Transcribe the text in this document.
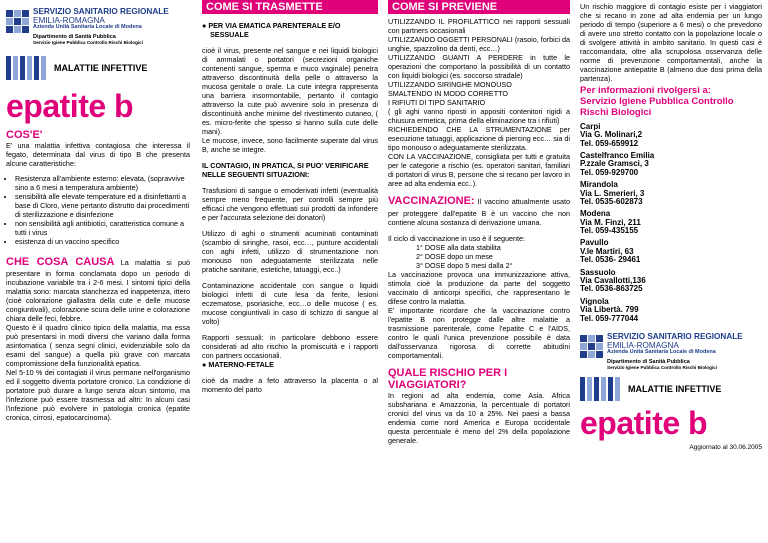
SERVIZIO SANITARIO REGIONALE
EMILIA-ROMAGNA
Azienda Unità Sanitaria Locale di Modena
Dipartimento di Sanità Pubblica
Servizio Igiene Pubblica Controllo Rischi Biologici
MALATTIE INFETTIVE
epatite b
COS'E'

E' una malattia infettiva contagiosa che interessa il fegato, determinata dal virus di tipo B che presenta alcune caratteristiche:

• Resistenza all'ambiente esterno: elevata, (sopravvive sino a 6 mesi a temperatura ambiente)
• sensibilità alle elevate temperature ed a disinfettanti a base di Cloro, viene pertanto distrutto dai procedimenti di sterilizzazione e disinfezione
• non sensibilità agli antibiotici, caratteristica comune a tutti i virus
• esistenza di un vaccino specifico

CHE COSA CAUSA La malattia si può presentare in forma conclamata dopo un periodo di incubazione variabile tra i 2-6 mesi. I sintomi tipici della malattia sono: marcata stanchezza ed inappetenza, ittero (cioè colorazione giallastra della cute e delle mucose congiuntivali), colorazione scura delle urine e colorazione chiara delle feci, febbre.

Questo è il quadro clinico tipico della malattia, ma essa può presentarsi in modi diversi che variano dalla forma asintomatica ( senza segni clinici, evidenziabile solo da esami del sangue) a quella più grave con marcata compromissione della funzionalità epatica.

Nel 5-10 % dei contagiati il virus permane nell'organismo ed il soggetto diventa portatore cronico. La condizione di portatore può durare a lungo senza alcun sintomo, ma l'infezione può essere trasmessa ad altri: In alcuni casi l'infezione può evolvere in patologia cronica (epatite cronica, cirrosi, epatocarcinoma).

COME SI TRASMETTE
● PER VIA EMATICA PARENTERALE E/O SESSUALE

cioè il virus, presente nel sangue e nei liquidi biologici di ammalati o portatori (secrezioni organiche contenenti sangue, sperma e muco vaginale) penetra attraverso discontinuità della pelle o attraverso la mucosa genitale o orale. La cute integra rappresenta una barriera insormontabile, pertanto il contagio attraverso la cute può avvenire solo in presenza di discontinuità anche minime del rivestimento cutaneo, ( es. micro-ferite che spesso si hanno sulla cute delle mani).

Le mucose, invece, sono facilmente superate dal virus B, anche se integre.

IL CONTAGIO, IN PRATICA, SI PUO' VERIFICARE NELLE SEGUENTI SITUAZIONI:

Trasfusioni di sangue o emoderivati infetti (eventualità sempre meno frequente, per controlli sempre più efficaci che vengono effettuati sui prodotti da infondere e per l'accurata selezione dei donatori)

Utilizzo di aghi o strumenti acuminati contaminati (scambio di siringhe, rasoi, ecc…, punture accidentali con aghi infetti, utilizzo di strumentazione non monouso non adeguatamente sterilizzata nelle pratiche sanitarie, estetiche, tatuaggi, ecc..)

Contaminazione accidentale con sangue o liquidi biologici infetti di cute lesa da ferite, lesioni eczematose, psoriasiche, ecc…o delle mucose ( es. mucose congiuntivali in caso di schizzo di sangue al volto)

Rapporti sessuali: in particolare debbono essere considerati ad alto rischio la promiscuità e i rapporti con partners occasionali.

● MATERNO-FETALE

cioè da madre a feto attraverso la placenta o al momento del parto

COME SI PREVIENE

UTILIZZANDO IL PROFILATTICO nei rapporti sessuali con partners occasionali

UTILIZZANDO OGGETTI PERSONALI (rasoio, forbici da unghie, spazzolino da denti, ecc…)

UTILIZZANDO GUANTI A PERDERE in tutte le operazioni che comportano la possibilità di un contatto con liquidi biologici (es. soccorso stradale)

UTILIZZANDO SIRINGHE MONOUSO

SMALTENDO IN MODO CORRETTO

I RIFIUTI DI TIPO SANITARIO

( gli aghi vanno riposti in appositi contenitori rigidi a chiusura ermetica, prima della eliminazione tra i rifiuti)

RICHIEDENDO CHE LA STRUMENTAZIONE per esecuzione tatuaggi, applicazione di piercing ecc… sia di tipo monouso o adeguatamente sterilizzata.

CON LA VACCINAZIONE, consigliata per tutti e gratuita per le categorie a rischio (es. operatori sanitari, familiari di portatori di virus B, persone che si recano per lavoro in aree ad alta endemia ecc..).

VACCINAZIONE: Il vaccino attualmente usato per proteggere dall'epatite B è un vaccino che non contiene alcuna sostanza di derivazione umana.

Il ciclo di vaccinazione in uso è il seguente:

1° DOSE alla data stabilita

2° DOSE dopo un mese

3° DOSE dopo 5 mesi dalla 2°

La vaccinazione provoca una immunizzazione attiva, stimola cioè la produzione da parte del soggetto vaccinato di anticorpi specifici, che rappresentano le difese contro la malattia.

E' importante ricordare che la vaccinazione contro l'epatite B non protegge dalle altre malattie a trasmissione parenterale, come l'epatite C e l'AIDS, contro le quali l'unica prevenzione possibile è data dall'osservanza rigorosa di corrette abitudini comportamentali.

QUALE RISCHIO PER I VIAGGIATORI?

In regioni ad alta endemia, come Asia. Africa subshariana e Amazzonia, la percentuale di portatori cronici del virus va da 10 a 25%. Nei paesi a bassa endemia come nord America e Europa occidentale questa percentuale è meno del 2% della popolazione generale.

Un rischio maggiore di contagio esiste per i viaggiatori che si recano in zone ad alta endemia per un lungo periodo di tempo (superiore a 6 mesi) o che prevedono di avere uno stretto contatto con la popolazione locale o di svolgere attività in ambito sanitario. In questi casi è raccomandata, oltre alla scrupolosa osservanza delle norme di prevenzione comportamentali, anche la vaccinazione antiepatite B (almeno due dosi prima della partenza).

Per informazioni rivolgersi a:
Servizio Igiene Pubblica Controllo Rischi Biologici
Carpi
Via G. Molinari,2
Tel. 059-659912
Castelfranco Emilia
P.zzale Gramsci, 3
Tel. 059-929700
Mirandola
Via L. Smerieri, 3
Tel. 0535-602873
Modena
Via M. Finzi, 211
Tel. 059-435155
Pavullo
V.le Martiri, 63
Tel. 0536- 29461
Sassuolo
Via Cavallotti,136
Tel. 0536-863725
Vignola
Via Libertà. 799
Tel. 059-777044
SERVIZIO SANITARIO REGIONALE
EMILIA-ROMAGNA
Azienda Unità Sanitaria Locale di Modena
Dipartimento di Sanità Pubblica
Servizio Igiene Pubblica Controllo Rischi Biologici
MALATTIE INFETTIVE
epatite b
Aggiornato al 30.06.2005
